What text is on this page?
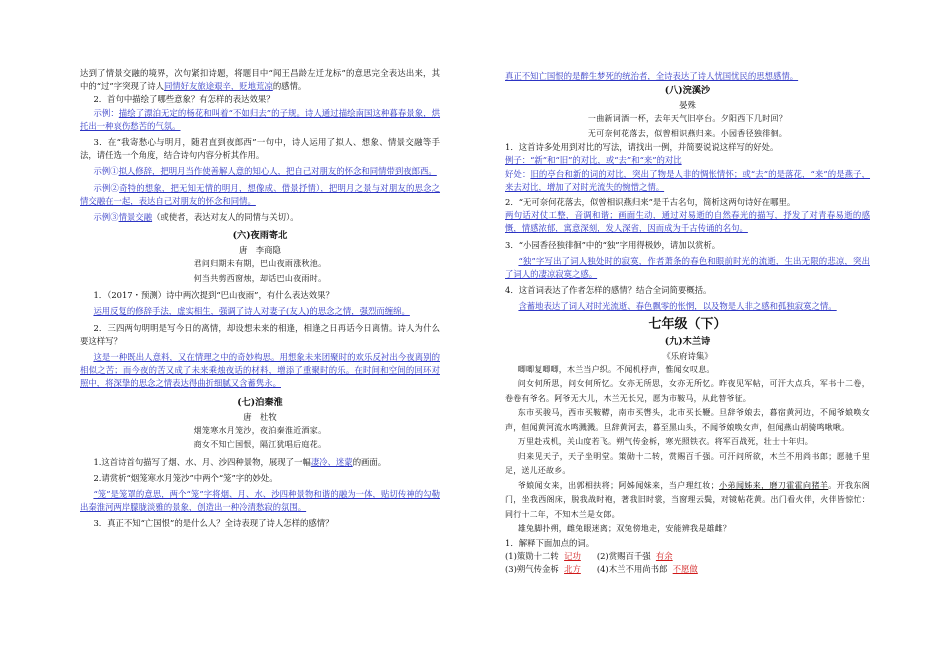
达到了情景交融的境界，次句紧扣诗题，将题目中“闻王昌龄左迁龙标”的意思完全表达出来，其中的“过”字突现了诗人同情好友旅途艰辛，贬地荒凉的感情。

2．首句中描绘了哪些意象？有怎样的表达效果？

示例：描绘了漂泊无定的杨花和叫着“不如归去”的子规。诗人通过描绘南国这种暮春景象，烘托出一种哀伤愁苦的气氛。

3．在“我寄愁心与明月，随君直到夜郎西”一句中，诗人运用了拟人、想象、情景交融等手法，请任选一个角度，结合诗句内容分析其作用。

示例①拟人修辞，把明月当作使善解人意的知心人，把自己对朋友的怀念和同情带到夜郎西。

示例②奇特的想象，把无知无情的明月，想像成、借景抒情），把明月之景与对朋友的思念之情交融在一起，表达自己对朋友的怀念和同情。

示例③情景交融（或使者，表达对友人的同情与关切）。

(六)夜雨寄北

唐　李商隐

君问归期未有期，巴山夜雨涨秋池。

何当共剪西窗烛，却话巴山夜雨时。

1．（2017・预测）诗中两次提到“巴山夜雨”，有什么表达效果？

运用反复的修辞手法，虚实相生，强调了诗人对妻子(友人)的思念之情，强烈而缠绵。

2．三四两句明明是写今日的离情，却设想未来的相逢，相逢之日再话今日离情。诗人为什么要这样写？

这是一种既出人意料，又在情理之中的奇妙构思。用想象未来团聚时的欢乐反衬出今夜离别的相似之苦；而今夜的苦又成了未来乘烛夜话的材料，增添了重聚时的乐。在时间和空间的回环对照中，将深挚的思念之情表达得曲折细腻又含蓄隽永。

(七)泊秦淮

唐　杜牧

烟笼寒水月笼沙，夜泊秦淮近酒家。

商女不知亡国恨，隔江犹唱后庭花。

1.这首诗首句描写了烟、水、月、沙四种景物，展现了一幅凄冷、迷蒙的画面。

2.请赏析“烟笼寒水月笼沙”中两个“笼”字的妙处。

“笼”是笼罩的意思，两个“笼”字将烟、月、水、沙四种景物和谐的融为一体，贴切传神的勾勒出秦淮河两岸朦胧淡雅的景象，创造出一种冷清愁寂的氛围。

3．真正不知“亡国恨”的是什么人？全诗表现了诗人怎样的感情？

真正不知亡国恨的是醉生梦死的统治者，全诗表达了诗人忧国忧民的思想感情。

(八)浣溪沙

晏殊

一曲新词酒一杯，去年天气旧亭台。夕阳西下几时回？

无可奈何花落去，似曾相识燕归来。小园香径独徘徊。

1．这首诗多处用到对比的写法，请找出一例，并简要说说这样写的好处。

例子：“新”和“旧”的对比，或“去”和“来”的对比

好处：旧的亭台和新的词的对比，突出了物是人非的惆怅情怀；或“去”的是落花，“来”的是燕子，来去对比，增加了对时光流失的惋惜之情。

2．“无可奈何花落去，似曾相识燕归来”是千古名句，简析这两句诗好在哪里。

两句话对仗工整，音调和谐；画面生动，通过对易逝的自然春光的描写，抒发了对青春易逝的感慨，情感浓郁，寓意深刻，发人深省，因而成为千古传诵的名句。

3．“小园香径独徘徊”中的“独”字用得极妙，请加以赏析。

“独”字写出了词人独处时的寂寞，作者萧条的春色和眼前时光的流逝，生出无限的悲凉，突出了词人的凄凉寂寞之感。

4．这首词表达了作者怎样的感情？结合全词简要概括。

含蓄地表达了词人对时光流逝、春色飘零的怅惘，以及物是人非之感和孤独寂寞之情。

七年级（下）

(九)木兰诗

《乐府诗集》

唧唧复唧唧，木兰当户织。不闻机杼声，惟闻女叹息。

问女何所思，问女何所忆。女亦无所思，女亦无所忆。昨夜见军帖，可汗大点兵，军书十二卷，卷卷有爷名。阿爷无大儿，木兰无长兄，愿为市鞍马，从此替爷征。

东市买骏马，西市买鞍鞯，南市买辔头，北市买长鞭。旦辞爷娘去，暮宿黄河边，不闻爷娘唤女声，但闻黄河流水鸣溅溅。旦辞黄河去，暮至黑山头，不闻爷娘唤女声，但闻燕山胡骑鸣啾啾。

万里赴戎机，关山度若飞。朔气传金柝，寒光照铁衣。将军百战死，壮士十年归。

归来见天子，天子坐明堂。策勋十二转，赏赐百千强。可汗问所欲，木兰不用尚书郎；愿驰千里足，送儿还故乡。

爷娘闻女来，出郭相扶将；阿姊闻妹来，当户理红妆；小弟闻姊来，磨刀霍霍向猪羊。开我东阁门，坐我西阁床，脱我战时袍，著我旧时裳，当窗理云鬓，对镜帖花黄。出门看火伴，火伴皆惊忙：同行十二年，不知木兰是女郎。

雄兔脚扑朔，雌兔眼迷离；双兔傍地走，安能辨我是雄雌？

1．解释下面加点的词。

(1)策勋十二转 记功 (2)赏赐百千强 有余
(3)朔气传金柝 北方 (4)木兰不用尚书郎 不愿做
